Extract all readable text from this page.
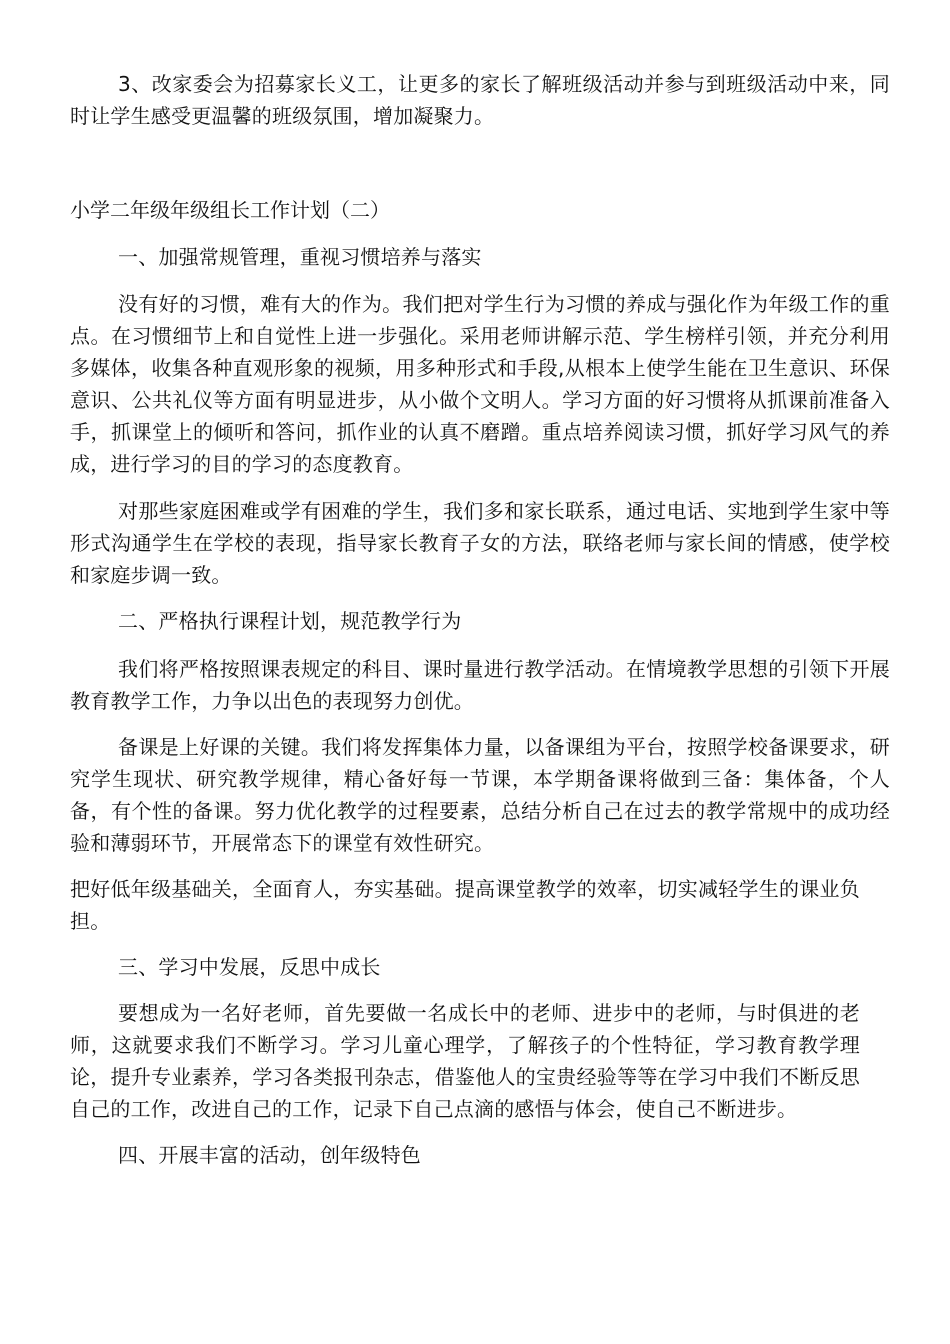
3、改家委会为招募家长义工，让更多的家长了解班级活动并参与到班级活动中来，同时让学生感受更温馨的班级氛围，增加凝聚力。

小学二年级年级组长工作计划（二）

一、加强常规管理，重视习惯培养与落实

没有好的习惯，难有大的作为。我们把对学生行为习惯的养成与强化作为年级工作的重点。在习惯细节上和自觉性上进一步强化。采用老师讲解示范、学生榜样引领，并充分利用多媒体，收集各种直观形象的视频，用多种形式和手段,从根本上使学生能在卫生意识、环保意识、公共礼仪等方面有明显进步，从小做个文明人。学习方面的好习惯将从抓课前准备入手，抓课堂上的倾听和答问，抓作业的认真不磨蹭。重点培养阅读习惯，抓好学习风气的养成，进行学习的目的学习的态度教育。

对那些家庭困难或学有困难的学生，我们多和家长联系，通过电话、实地到学生家中等形式沟通学生在学校的表现，指导家长教育子女的方法，联络老师与家长间的情感，使学校和家庭步调一致。

二、严格执行课程计划，规范教学行为

我们将严格按照课表规定的科目、课时量进行教学活动。在情境教学思想的引领下开展教育教学工作，力争以出色的表现努力创优。

备课是上好课的关键。我们将发挥集体力量，以备课组为平台，按照学校备课要求，研究学生现状、研究教学规律，精心备好每一节课，本学期备课将做到三备：集体备，个人备，有个性的备课。努力优化教学的过程要素，总结分析自己在过去的教学常规中的成功经验和薄弱环节，开展常态下的课堂有效性研究。

把好低年级基础关，全面育人，夯实基础。提高课堂教学的效率，切实减轻学生的课业负担。

三、学习中发展，反思中成长

要想成为一名好老师，首先要做一名成长中的老师、进步中的老师，与时俱进的老师，这就要求我们不断学习。学习儿童心理学，了解孩子的个性特征，学习教育教学理论，提升专业素养，学习各类报刊杂志，借鉴他人的宝贵经验等等在学习中我们不断反思自己的工作，改进自己的工作，记录下自己点滴的感悟与体会，使自己不断进步。

四、开展丰富的活动，创年级特色
